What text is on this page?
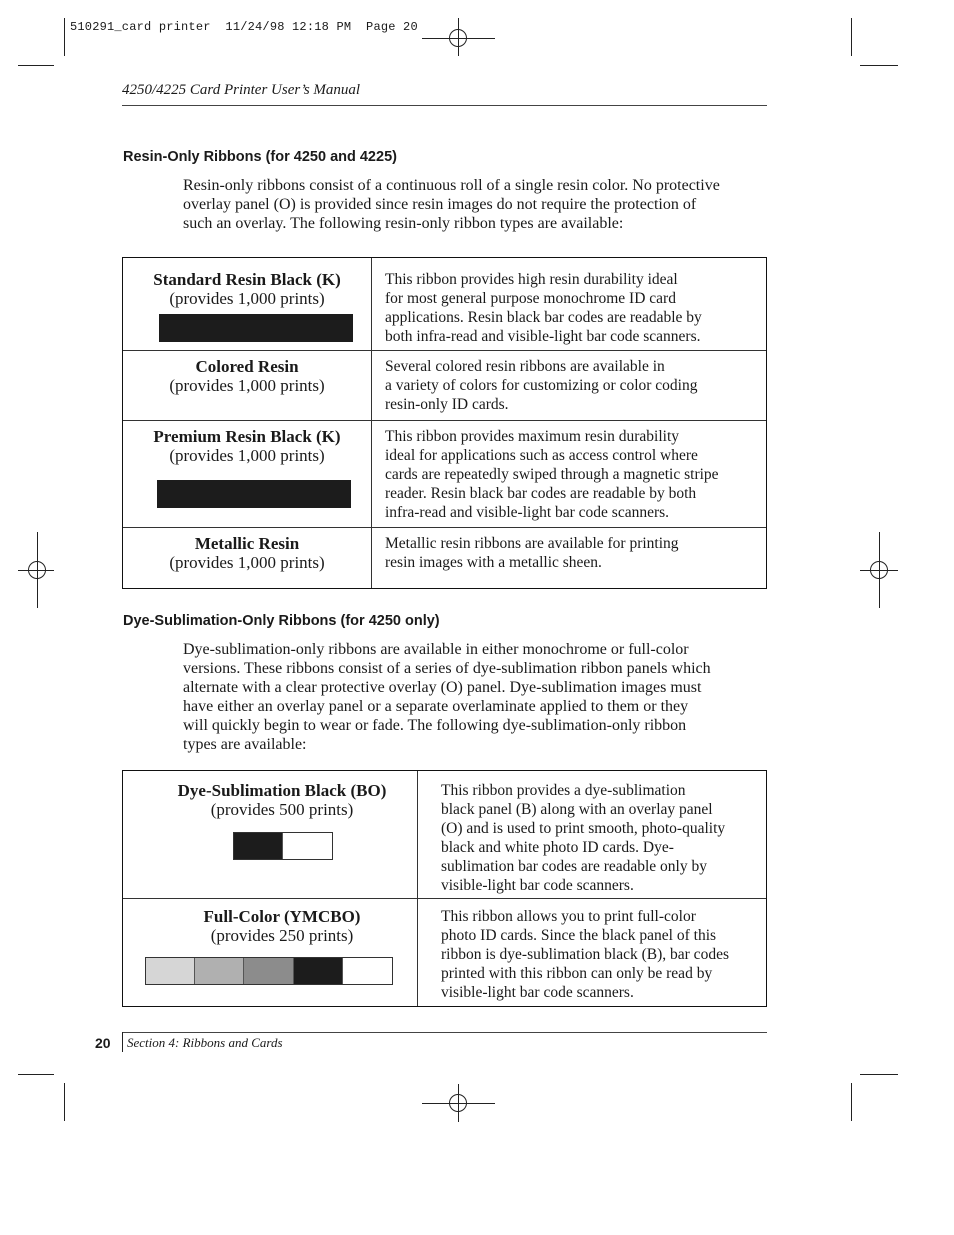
510291_card printer  11/24/98 12:18 PM  Page 20
4250/4225 Card Printer User’s Manual
Resin-Only Ribbons (for 4250 and 4225)
Resin-only ribbons consist of a continuous roll of a single resin color. No protective
overlay panel (O) is provided since resin images do not require the protection of
such an overlay. The following resin-only ribbon types are available:
Standard Resin Black (K)
(provides 1,000 prints)
This ribbon provides high resin durability ideal
for most general purpose monochrome ID card
applications. Resin black bar codes are readable by
both infra-read and visible-light bar code scanners.
Colored Resin
(provides 1,000 prints)
Several colored resin ribbons are available in
a variety of colors for customizing or color coding
resin-only ID cards.
Premium Resin Black (K)
(provides 1,000 prints)
This ribbon provides maximum resin durability
ideal for applications such as access control where
cards are repeatedly swiped through a magnetic stripe
reader. Resin black bar codes are readable by both
infra-read and visible-light bar code scanners.
Metallic Resin
(provides 1,000 prints)
Metallic resin ribbons are available for printing
resin images with a metallic sheen.
Dye-Sublimation-Only Ribbons (for 4250 only)
Dye-sublimation-only ribbons are available in either monochrome or full-color
versions. These ribbons consist of a series of dye-sublimation ribbon panels which
alternate with a clear protective overlay (O) panel. Dye-sublimation images must
have either an overlay panel or a separate overlaminate applied to them or they
will quickly begin to wear or fade. The following dye-sublimation-only ribbon
types are available:
Dye-Sublimation Black (BO)
(provides 500 prints)
This ribbon provides a dye-sublimation
black panel (B) along with an overlay panel
(O) and is used to print smooth, photo-quality
black and white photo ID cards. Dye-
sublimation bar codes are readable only by
visible-light bar code scanners.
Full-Color (YMCBO)
(provides 250 prints)
This ribbon allows you to print full-color
photo ID cards. Since the black panel of this
ribbon is dye-sublimation black (B), bar codes
printed with this ribbon can only be read by
visible-light bar code scanners.
20 Section 4: Ribbons and Cards
